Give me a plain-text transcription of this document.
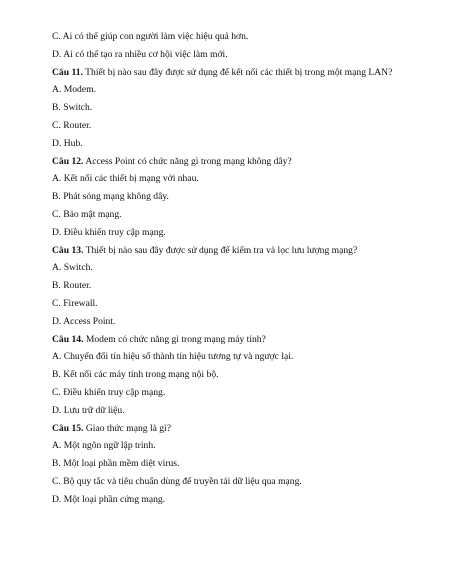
C. Ai có thể giúp con người làm việc hiệu quả hơn.

D. Ai có thể tạo ra nhiều cơ hội việc làm mới.

Câu 11. Thiết bị nào sau đây được sử dụng để kết nối các thiết bị trong một mạng LAN?

A. Modem.

B. Switch.

C. Router.

D. Hub.

Câu 12. Access Point có chức năng gì trong mạng không dây?

A. Kết nối các thiết bị mạng với nhau.

B. Phát sóng mạng không dây.

C. Bảo mật mạng.

D. Điều khiển truy cập mạng.

Câu 13. Thiết bị nào sau đây được sử dụng để kiểm tra và lọc lưu lượng mạng?

A. Switch.

B. Router.

C. Firewall.

D. Access Point.

Câu 14. Modem có chức năng gì trong mạng máy tính?

A. Chuyển đổi tín hiệu số thành tín hiệu tương tự và ngược lại.

B. Kết nối các máy tính trong mạng nội bộ.

C. Điều khiển truy cập mạng.

D. Lưu trữ dữ liệu.

Câu 15. Giao thức mạng là gì?

A. Một ngôn ngữ lập trình.

B. Một loại phần mềm diệt virus.

C. Bộ quy tắc và tiêu chuẩn dùng để truyền tải dữ liệu qua mạng.

D. Một loại phần cứng mạng.
